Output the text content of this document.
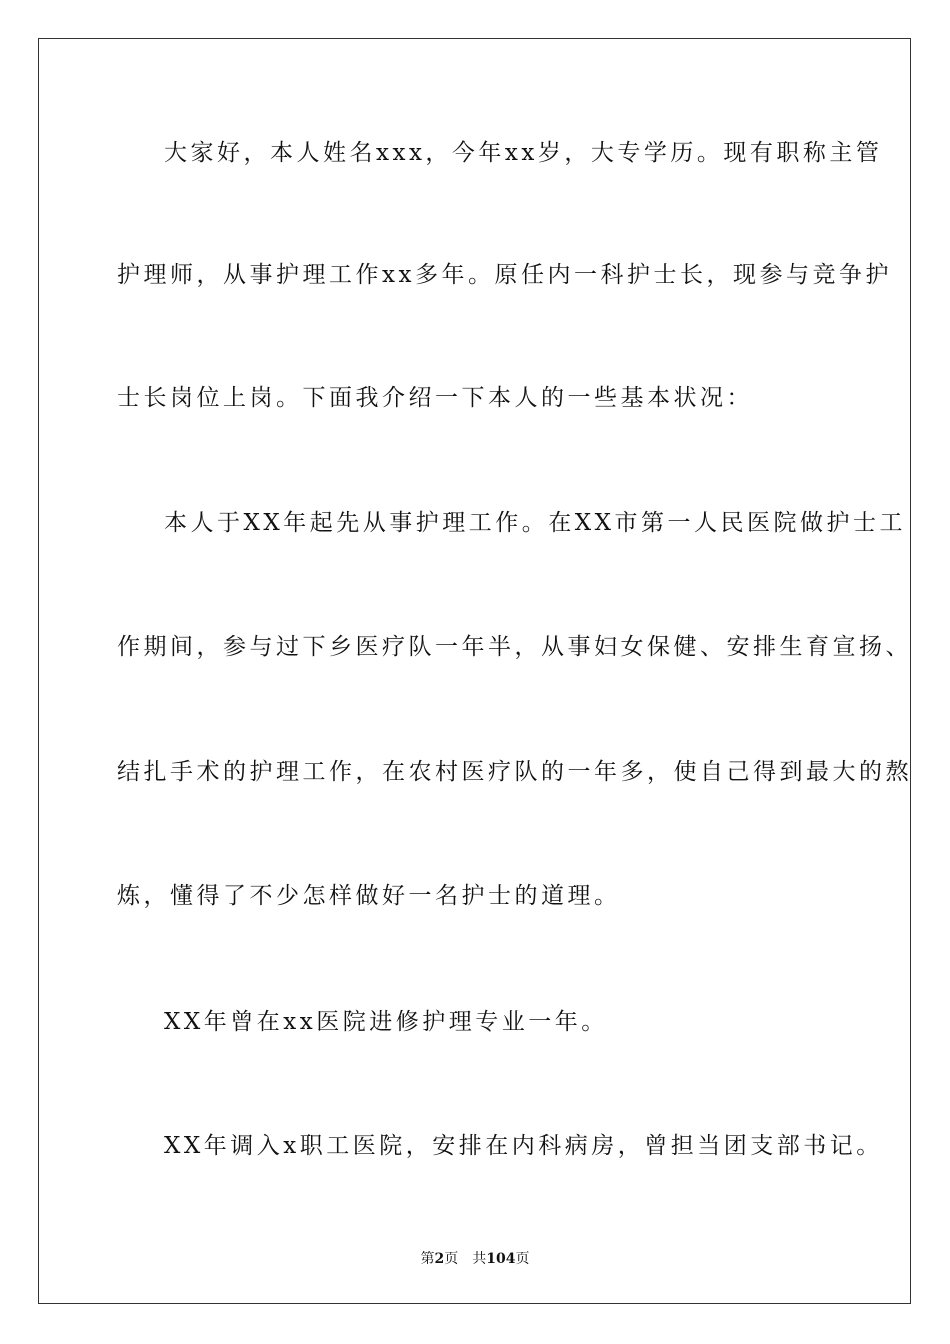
大家好，本人姓名xxx，今年xx岁，大专学历。现有职称主管
护理师，从事护理工作xx多年。原任内一科护士长，现参与竞争护
士长岗位上岗。下面我介绍一下本人的一些基本状况：
本人于XX年起先从事护理工作。在XX市第一人民医院做护士工
作期间，参与过下乡医疗队一年半，从事妇女保健、安排生育宣扬、
结扎手术的护理工作，在农村医疗队的一年多，使自己得到最大的熬
炼，懂得了不少怎样做好一名护士的道理。
XX年曾在xx医院进修护理专业一年。
XX年调入x职工医院，安排在内科病房，曾担当团支部书记。
第2页　共104页
